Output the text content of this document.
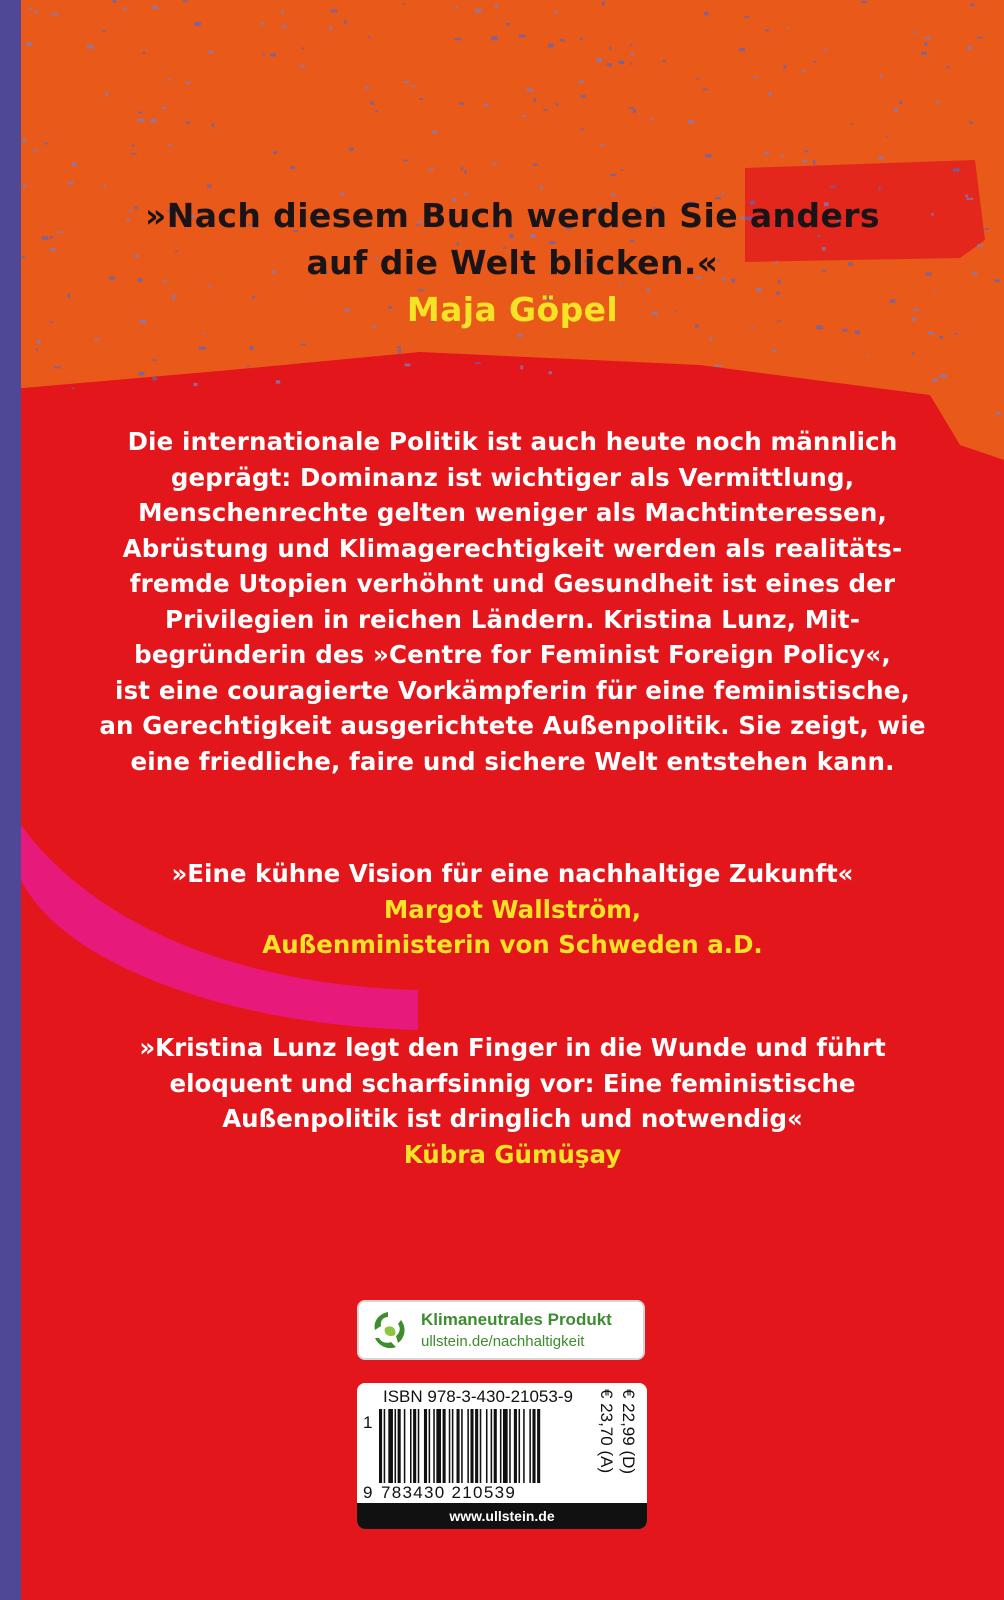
»Nach diesem Buch werden Sie anders
auf die Welt blicken.«
Maja Göpel
Die internationale Politik ist auch heute noch männlich
geprägt: Dominanz ist wichtiger als Vermittlung,
Menschenrechte gelten weniger als Machtinteressen,
Abrüstung und Klimagerechtigkeit werden als realitäts-
fremde Utopien verhöhnt und Gesundheit ist eines der
Privilegien in reichen Ländern. Kristina Lunz, Mit-
begründerin des »Centre for Feminist Foreign Policy«,
ist eine couragierte Vorkämpferin für eine feministische,
an Gerechtigkeit ausgerichtete Außenpolitik. Sie zeigt, wie
eine friedliche, faire und sichere Welt entstehen kann.
»Eine kühne Vision für eine nachhaltige Zukunft«
Margot Wallström,
Außenministerin von Schweden a.D.
»Kristina Lunz legt den Finger in die Wunde und führt
eloquent und scharfsinnig vor: Eine feministische
Außenpolitik ist dringlich und notwendig«
Kübra Gümüşay
Klimaneutrales Produkt
ullstein.de/nachhaltigkeit
ISBN 978-3-430-21053-9
1
9 783430 210539
€ 22,99 (D)
€ 23,70 (A)
www.ullstein.de
